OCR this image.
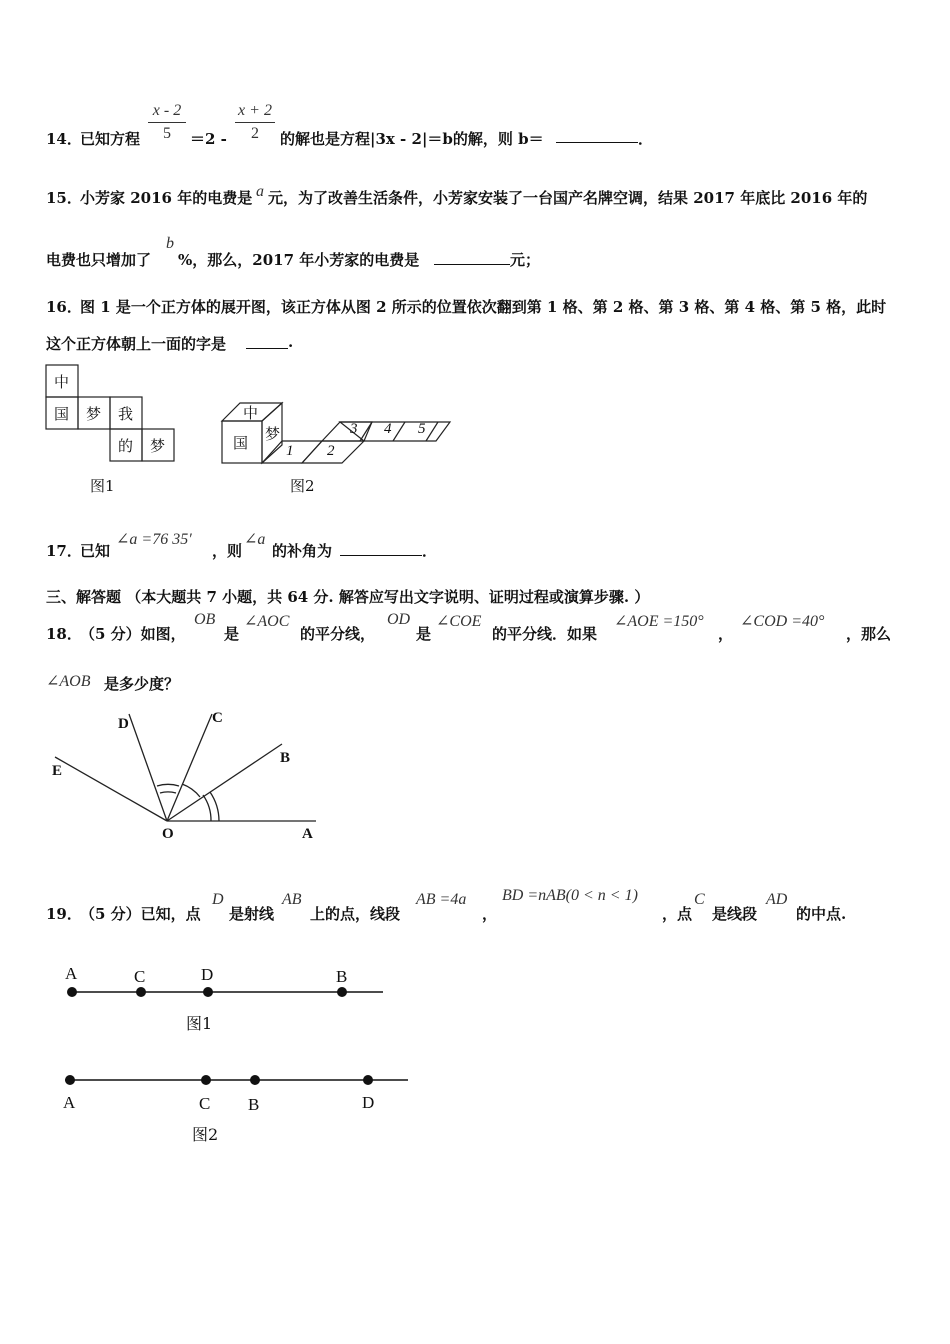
14．
已知方程 $\frac{x - 2}{5} =2 - \frac{x + 2}{2}$ 的解也是方程|3x - 2|＝b的解，则 b＝	．
15．
小芳家 2016 年的电费是 a 元，为了改善生活条件，小芳家安装了一台国产名牌空调，结果 2017 年底比 2016 年的
电费也只增加了
b
%，那么，2017 年小芳家的电费是	元；
16．
图 1 是一个正方体的展开图，该正方体从图 2 所示的位置依次翻到第 1 格、第 2 格、第 3 格、第 4 格、第 5 格，此时
这个正方体朝上一面的字是	.
中
国 梦 我
的 梦
图1
中
国 梦
1 2
3 4 5
图2
17．
已知
∠a =76 35′
，则
∠a
的补角为	．
三、解答题 （本大题共 7 小题，共 64 分. 解答应写出文字说明、证明过程或演算步骤. ）
18．
（5 分）如图，
OB
是
∠AOC
的平分线，
OD
是
∠COE
的平分线．如果
∠AOE =150°
，
∠COD =40°
，那么
∠AOB 是多少度？
D	C
E
B
O	A
19．
（5 分）已知，点
D
是射线
AB
上的点，线段
AB =4a
，
BD =nAB(0 < n < 1)
，点
C
是线段
AD
的中点.
A	C	D	B
图1
A	C B	D
图2
